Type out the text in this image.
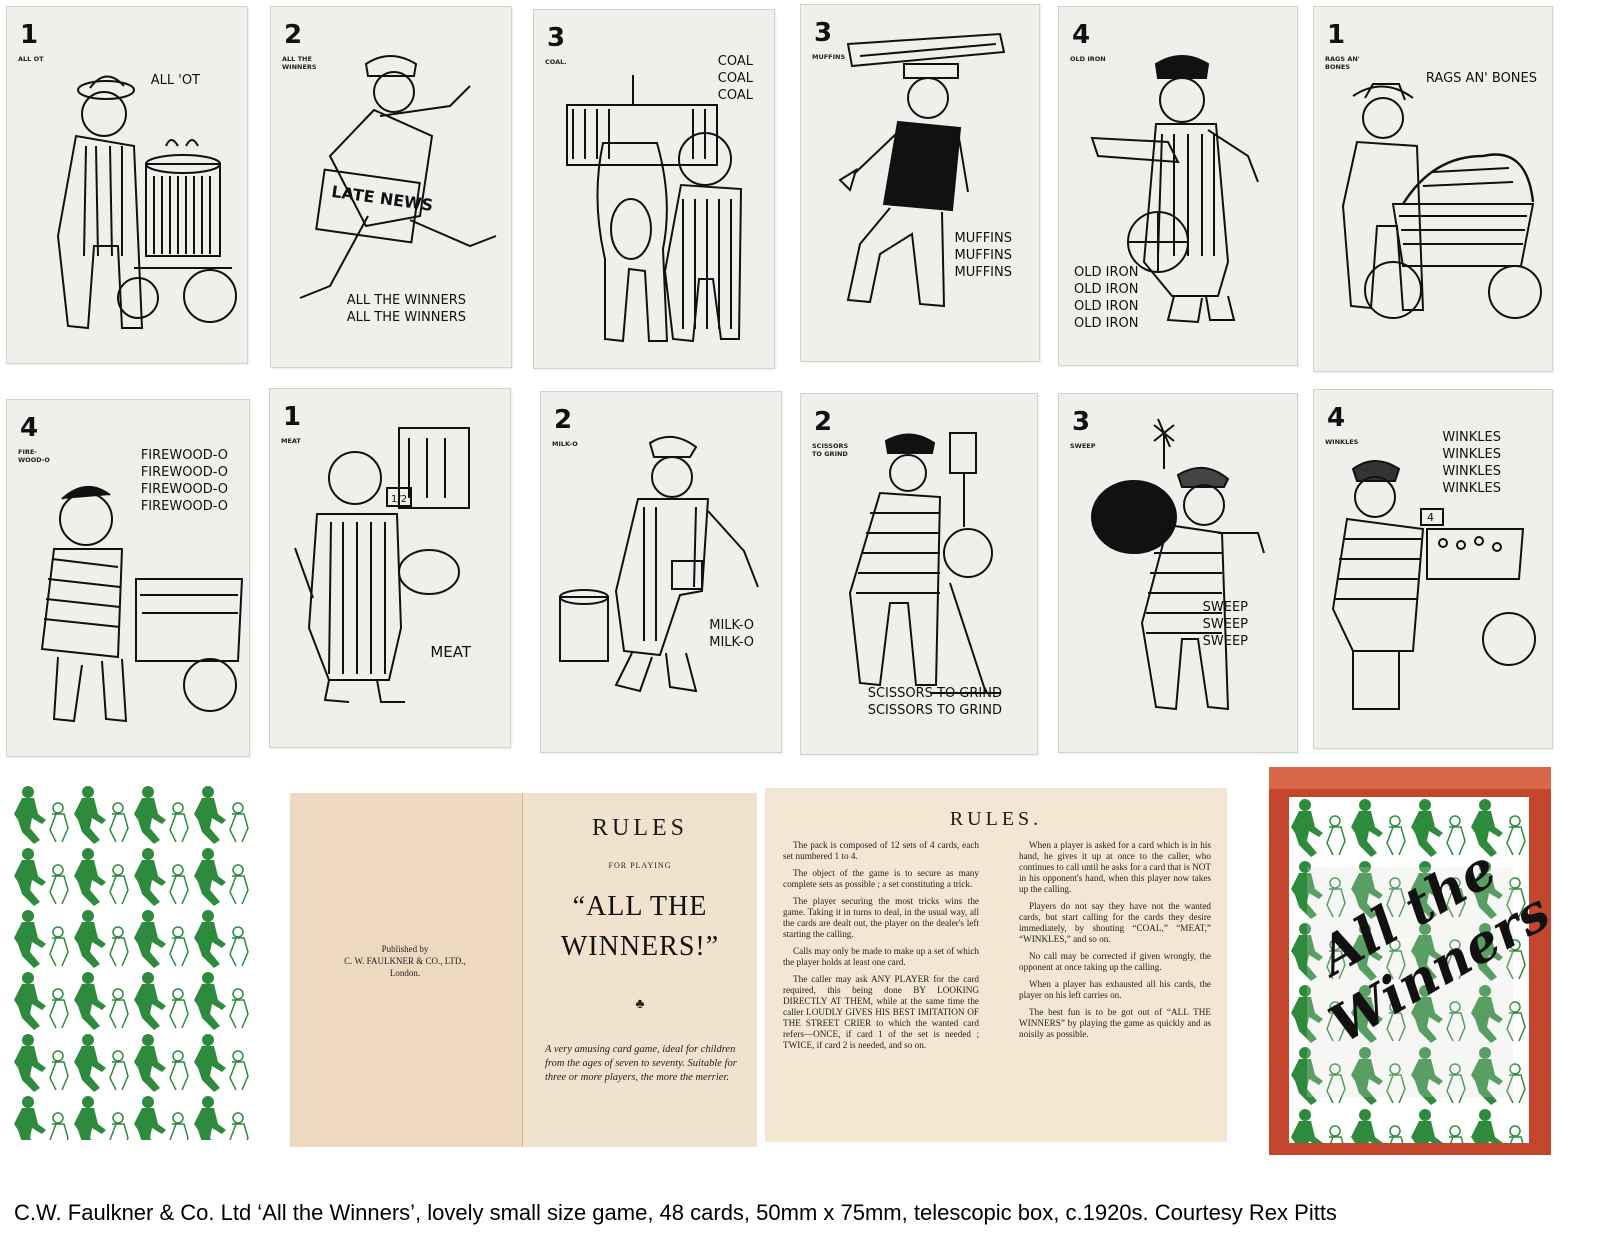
1
ALL OT
ALL 'OT
2
ALL THE WINNERS
ALL THE WINNERS
ALL THE WINNERS
LATE NEWS
3
COAL.	COAL
COAL
COAL
3
MUFFINS
MUFFINS
MUFFINS
MUFFINS
4
OLD IRON
OLD IRON
OLD IRON
OLD IRON
OLD IRON
1
RAGS AN' BONES
RAGS AN' BONES
4
FIRE-WOOD-O	FIREWOOD-O
FIREWOOD-O
FIREWOOD-O
FIREWOOD-O
1
MEAT
MEAT
1/2
2
MILK-O
MILK-O
MILK-O
2
SCISSORS TO GRIND
SCISSORS TO GRIND
SCISSORS TO GRIND
3
SWEEP
SWEEP
SWEEP
SWEEP
4
WINKLES	WINKLES
WINKLES
WINKLES
WINKLES
4
Published by
C. W. FAULKNER & CO., LTD.,
London.
RULES
FOR PLAYING
“ALL THE
WINNERS!”
♣
A very amusing card game, ideal for children from the ages of seven to seventy. Suitable for three or more players, the more the merrier.
RULES.

The pack is composed of 12 sets of 4 cards, each set numbered 1 to 4.

The object of the game is to secure as many complete sets as possible ; a set constituting a trick.

The player securing the most tricks wins the game. Taking it in turns to deal, in the usual way, all the cards are dealt out, the player on the dealer's left starting the calling.

Calls may only be made to make up a set of which the player holds at least one card.

The caller may ask ANY PLAYER for the card required, this being done BY LOOKING DIRECTLY AT THEM, while at the same time the caller LOUDLY GIVES HIS BEST IMITATION OF THE STREET CRIER to which the wanted card refers—ONCE, if card 1 of the set is needed ; TWICE, if card 2 is needed, and so on.

When a player is asked for a card which is in his hand, he gives it up at once to the caller, who continues to call until he asks for a card that is NOT in his opponent's hand, when this player now takes up the calling.

Players do not say they have not the wanted cards, but start calling for the cards they desire immediately, by shouting “COAL,” “MEAT,” “WINKLES,” and so on.

No call may be corrected if given wrongly, the opponent at once taking up the calling.

When a player has exhausted all his cards, the player on his left carries on.

The best fun is to be got out of “ALL THE WINNERS” by playing the game as quickly and as noisily as possible.

All the Winners
C.W. Faulkner & Co. Ltd ‘All the Winners’, lovely small size game, 48 cards, 50mm x 75mm, telescopic box, c.1920s. Courtesy Rex Pitts
